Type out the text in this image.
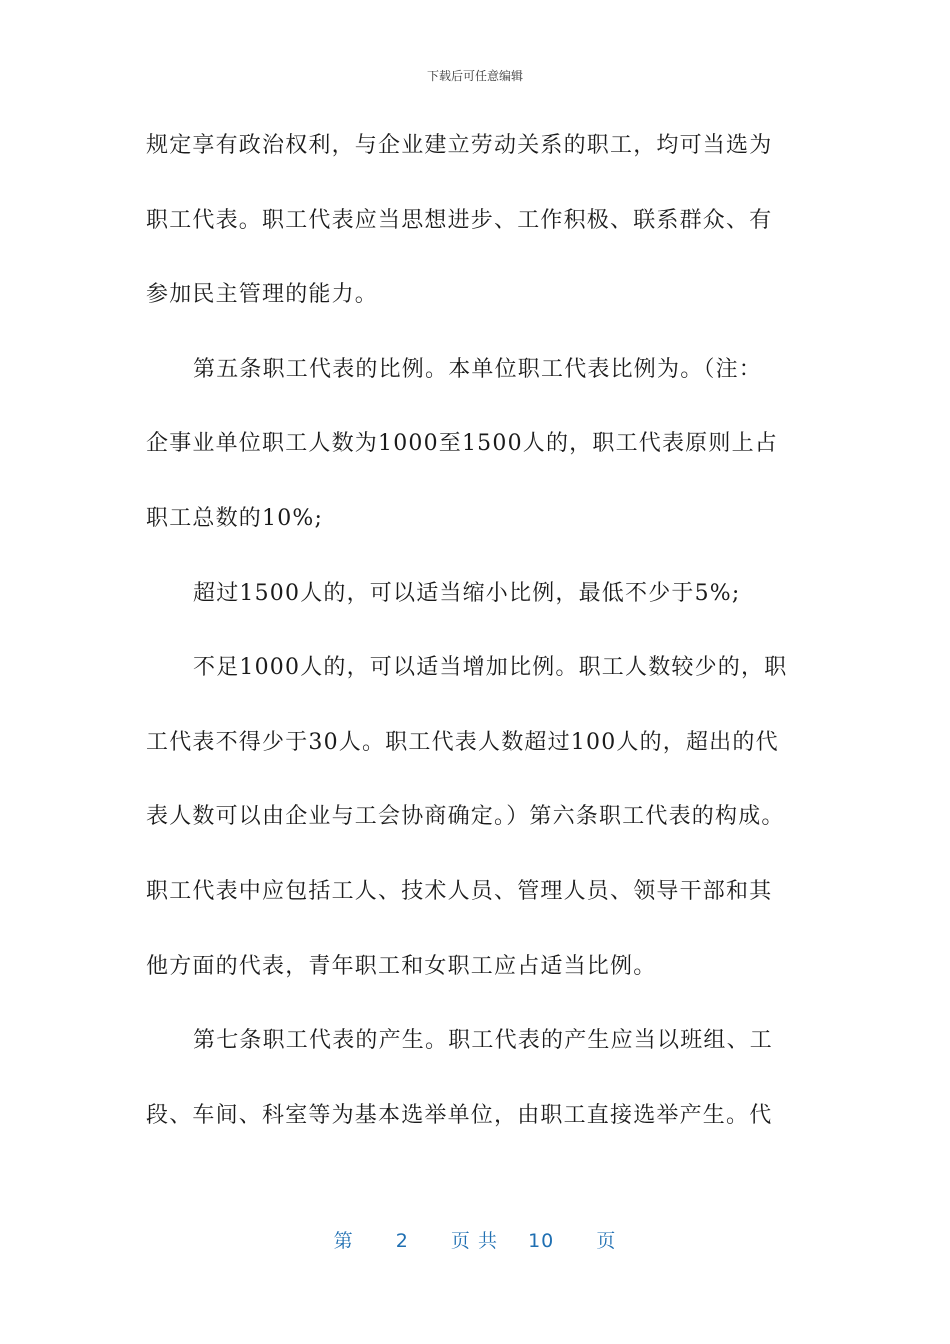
下载后可任意编辑
规定享有政治权利，与企业建立劳动关系的职工，均可当选为
职工代表。职工代表应当思想进步、工作积极、联系群众、有
参加民主管理的能力。
第五条职工代表的比例。本单位职工代表比例为。（注：
企事业单位职工人数为1000至1500人的，职工代表原则上占
职工总数的10%;
超过1500人的，可以适当缩小比例，最低不少于5%;
不足1000人的，可以适当增加比例。职工人数较少的，职
工代表不得少于30人。职工代表人数超过100人的，超出的代
表人数可以由企业与工会协商确定。）第六条职工代表的构成。
职工代表中应包括工人、技术人员、管理人员、领导干部和其
他方面的代表，青年职工和女职工应占适当比例。
第七条职工代表的产生。职工代表的产生应当以班组、工
段、车间、科室等为基本选举单位，由职工直接选举产生。代
第 2 页 共 10 页
